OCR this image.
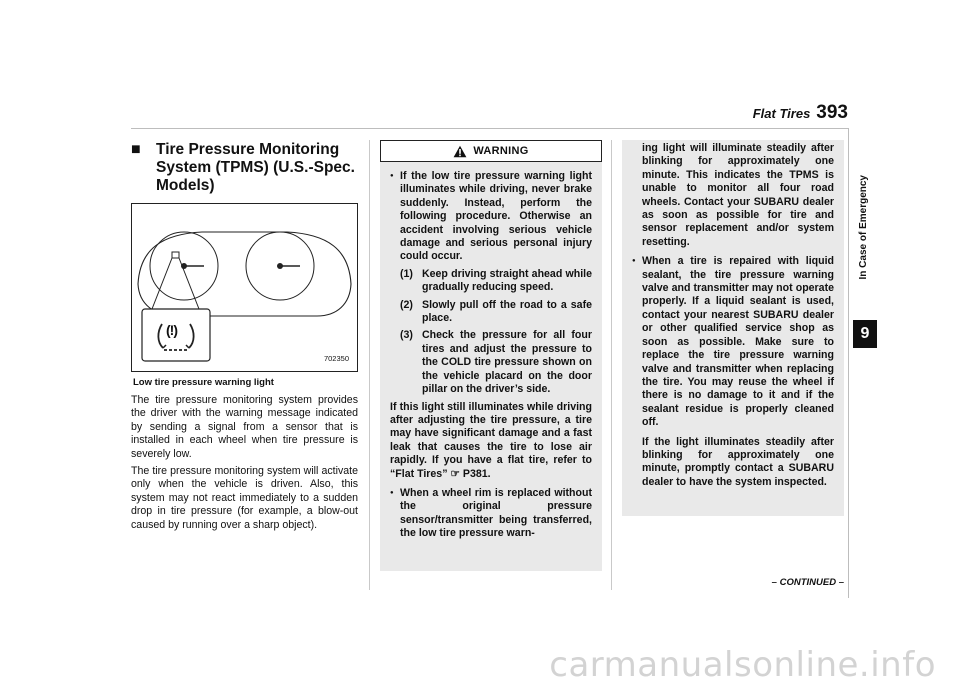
Flat Tires 393
■ Tire Pressure Monitoring System (TPMS) (U.S.-Spec. Models)
(!)
702350
Low tire pressure warning light

The tire pressure monitoring system provides the driver with the warning message indicated by sending a signal from a sensor that is installed in each wheel when tire pressure is severely low.

The tire pressure monitoring system will activate only when the vehicle is driven. Also, this system may not react immediately to a sudden drop in tire pressure (for example, a blow-out caused by running over a sharp object).

WARNING
● If the low tire pressure warning light illuminates while driving, never brake suddenly. Instead, perform the following procedure. Otherwise an accident involving serious vehicle damage and serious personal injury could occur.
(1) Keep driving straight ahead while gradually reducing speed.
(2) Slowly pull off the road to a safe place.
(3) Check the pressure for all four tires and adjust the pressure to the COLD tire pressure shown on the vehicle placard on the door pillar on the driver’s side.

If this light still illuminates while driving after adjusting the tire pressure, a tire may have significant damage and a fast leak that causes the tire to lose air rapidly. If you have a flat tire, refer to “Flat Tires” ☞ P381.

● When a wheel rim is replaced without the original pressure sensor/transmitter being transferred, the low tire pressure warn-

ing light will illuminate steadily after blinking for approximately one minute. This indicates the TPMS is unable to monitor all four road wheels. Contact your SUBARU dealer as soon as possible for tire and sensor replacement and/or system resetting.

● When a tire is repaired with liquid sealant, the tire pressure warning valve and transmitter may not operate properly. If a liquid sealant is used, contact your nearest SUBARU dealer or other qualified service shop as soon as possible. Make sure to replace the tire pressure warning valve and transmitter when replacing the tire. You may reuse the wheel if there is no damage to it and if the sealant residue is properly cleaned off.

If the light illuminates steadily after blinking for approximately one minute, promptly contact a SUBARU dealer to have the system inspected.

– CONTINUED –
In Case of Emergency
9
carmanualsonline.info
